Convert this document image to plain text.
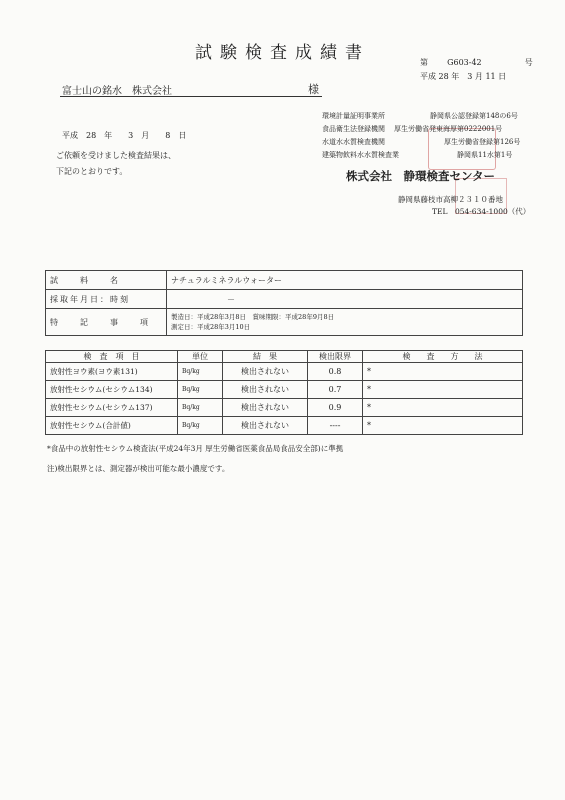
試験検査成績書	第 G603-42	号
平成 28 年　3 月 11 日
富士山の銘水　株式会社	様
平成　28　年　　3　月　　8　日
ご依頼を受けました検査結果は、
下記のとおりです。
環境計量証明事業所	静岡県公認登録第148の6号
食品衛生法登録機関 厚生労働省発東海厚第0222001号
水道水水質検査機関	厚生労働省登録第126号
建築物飲料水水質検査業	静岡県11水第1号
株式会社　静環検査センター
静岡県藤枝市高柳２３１０番地
TEL　054-634-1000（代）
試　　料　　名	ナチュラルミネラルウォーター
採取年月日：時刻	－
特　　記　　事　　項	製造日：平成28年3月8日　賞味期限：平成28年9月8日
測定日：平成28年3月10日
検　査　項　目	単位	結　果	検出限界	検　　査　　方　　法
放射性ヨウ素(ヨウ素131)	Bq/kg	検出されない	0.8	*
放射性セシウム(セシウム134)	Bq/kg	検出されない	0.7	*
放射性セシウム(セシウム137)	Bq/kg	検出されない	0.9	*
放射性セシウム(合計値)	Bq/kg	検出されない	----	*
*食品中の放射性セシウム検査法(平成24年3月 厚生労働省医薬食品局食品安全部)に準拠
注)検出限界とは、測定器が検出可能な最小濃度です。
